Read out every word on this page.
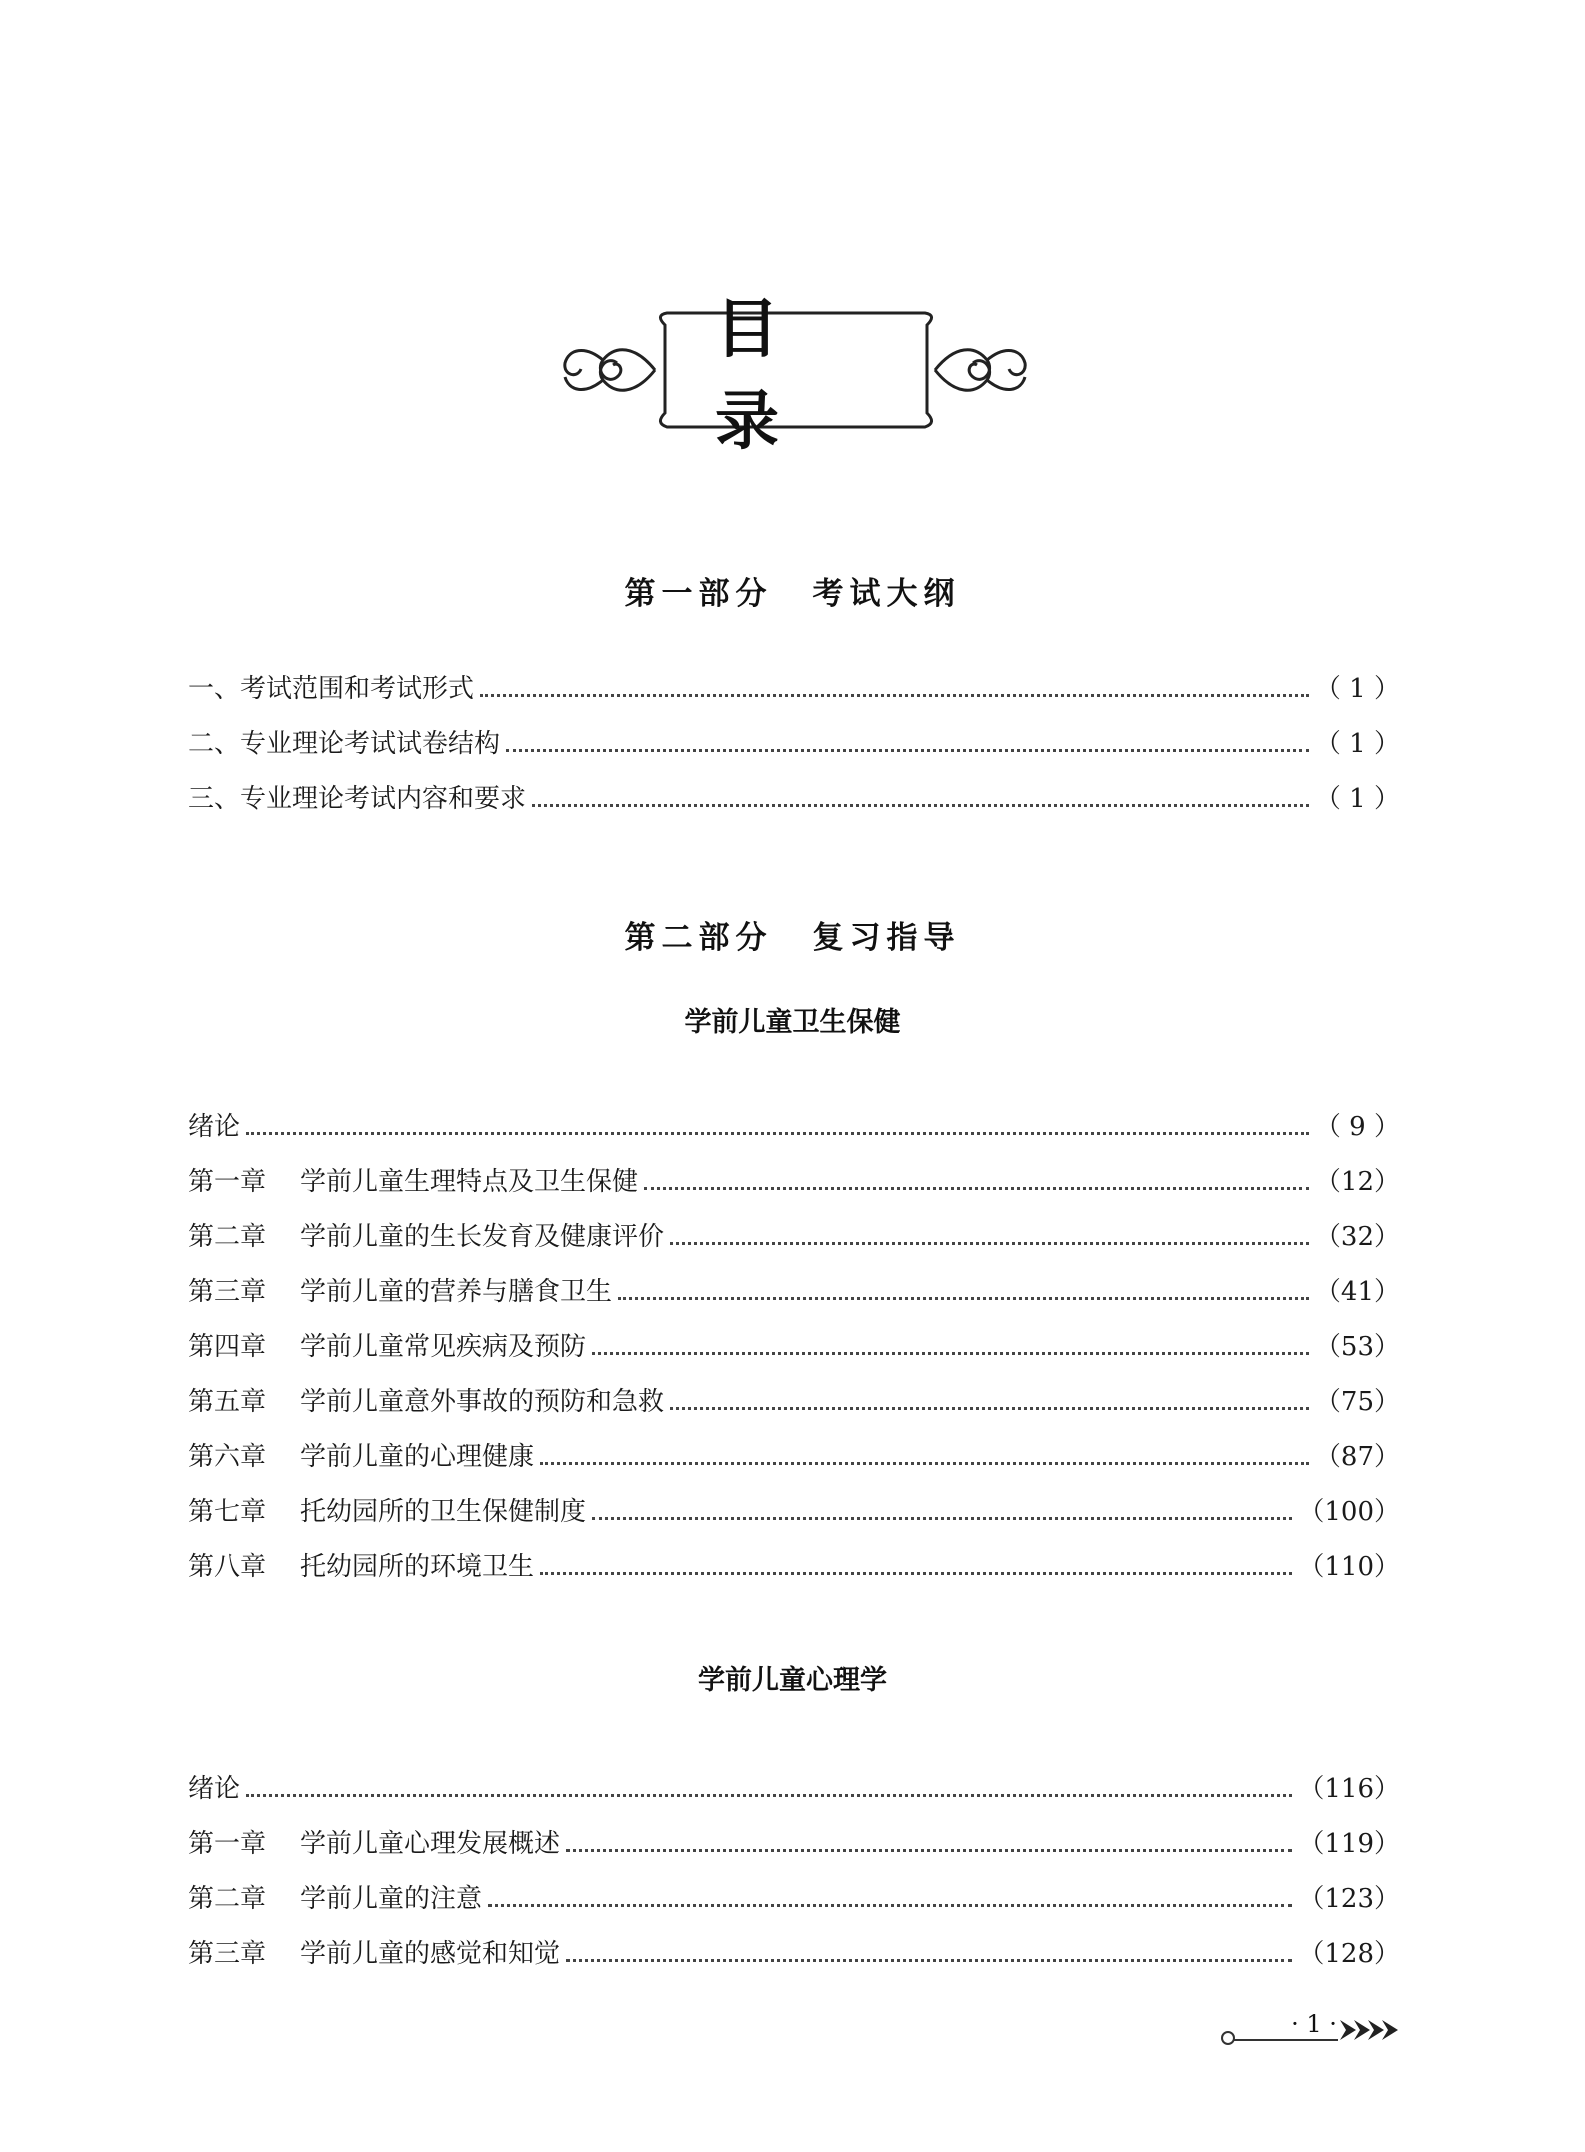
目 录
第一部分 考试大纲
一、 考试范围和考试形式	（ 1 ）
二、 专业理论考试试卷结构	（ 1 ）
三、 专业理论考试内容和要求	（ 1 ）
第二部分 复习指导
学前儿童卫生保健
绪论	（ 9 ）
第一章	学前儿童生理特点及卫生保健	（12）
第二章	学前儿童的生长发育及健康评价	（32）
第三章	学前儿童的营养与膳食卫生	（41）
第四章	学前儿童常见疾病及预防	（53）
第五章	学前儿童意外事故的预防和急救	（75）
第六章	学前儿童的心理健康	（87）
第七章	托幼园所的卫生保健制度	（100）
第八章	托幼园所的环境卫生	（110）
学前儿童心理学
绪论	（116）
第一章	学前儿童心理发展概述	（119）
第二章	学前儿童的注意	（123）
第三章	学前儿童的感觉和知觉	（128）
· 1 ·
